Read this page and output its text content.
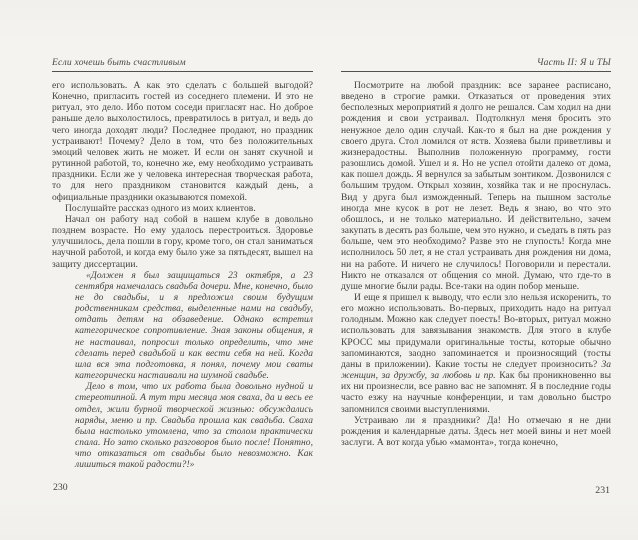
Если хочешь быть счастливым

его использовать. А как это сделать с большей выгодой? Конечно, пригласить гостей из соседнего племени. И это не ритуал, это дело. Ибо потом соседи пригласят нас. Но доброе раньше дело выхолостилось, превратилось в ритуал, и ведь до чего иногда доходят люди? Последнее продают, но праздник устраивают! Почему? Дело в том, что без положительных эмоций человек жить не может. И если он занят скучной и рутинной работой, то, конечно же, ему необходимо устраивать праздники. Если же у человека интересная творческая работа, то для него праздником становится каждый день, а официальные праздники оказываются помехой.

Послушайте рассказ одного из моих клиентов.

Начал он работу над собой в нашем клубе в довольно позднем возрасте. Но ему удалось перестроиться. Здоровье улучшилось, дела пошли в гору, кроме того, он стал заниматься научной работой, и когда ему было уже за пятьдесят, вышел на защиту диссертации.

«Должен я был защищаться 23 октября, а 23 сентября намечалась свадьба дочери. Мне, конечно, было не до свадьбы, и я предложил своим будущим родственникам средства, выделенные нами на свадьбу, отдать детям на обзаведение. Однако встретил категорическое сопротивление. Зная законы общения, я не настаивал, попросил только определить, что мне сделать перед свадьбой и как вести себя на ней. Когда шла вся эта подготовка, я понял, почему мои сваты категорически настаивали на шумной свадьбе.

Дело в том, что их работа была довольно нудной и стереотипной. А тут три месяца моя сваха, да и весь ее отдел, жили бурной творческой жизнью: обсуждались наряды, меню и пр. Свадьба прошла как свадьба. Сваха была настолько утомлена, что за столом практически спала. Но зато сколько разговоров было после! Понятно, что отказаться от свадьбы было невозможно. Как лишиться такой радости?!»

230
Часть II: Я и ТЫ

Посмотрите на любой праздник: все заранее расписано, введено в строгие рамки. Отказаться от проведения этих бесполезных мероприятий я долго не решался. Сам ходил на дни рождения и свои устраивал. Подтолкнул меня бросить это ненужное дело один случай. Как-то я был на дне рождения у своего друга. Стол ломился от яств. Хозяева были приветливы и жизнерадостны. Выполнив положенную программу, гости разошлись домой. Ушел и я. Но не успел отойти далеко от дома, как пошел дождь. Я вернулся за забытым зонтиком. Дозвонился с большим трудом. Открыл хозяин, хозяйка так и не проснулась. Вид у друга был изможденный. Теперь на пышном застолье иногда мне кусок в рот не лезет. Ведь я знаю, во что это обошлось, и не только материально. И действительно, зачем закупать в десять раз больше, чем это нужно, и съедать в пять раз больше, чем это необходимо? Разве это не глупость! Когда мне исполнилось 50 лет, я не стал устраивать дня рождения ни дома, ни на работе. И ничего не случилось! Поговорили и перестали. Никто не отказался от общения со мной. Думаю, что где-то в душе многие были рады. Все-таки на один побор меньше.

И еще я пришел к выводу, что если зло нельзя искоренить, то его можно использовать. Во-первых, приходить надо на ритуал голодным. Можно как следует поесть! Во-вторых, ритуал можно использовать для завязывания знакомств. Для этого в клубе КРОСС мы придумали оригинальные тосты, которые обычно запоминаются, заодно запоминается и произносящий (тосты даны в приложении). Какие тосты не следует произносить? За женщин, за дружбу, за любовь и пр. Как бы проникновенно вы их ни произнесли, все равно вас не запомнят. Я в последние годы часто езжу на научные конференции, и там довольно быстро запомнился своими выступлениями.

Устраиваю ли я праздники? Да! Но отмечаю я не дни рождения и календарные даты. Здесь нет моей вины и нет моей заслуги. А вот когда убью «мамонта», тогда конечно,

231
